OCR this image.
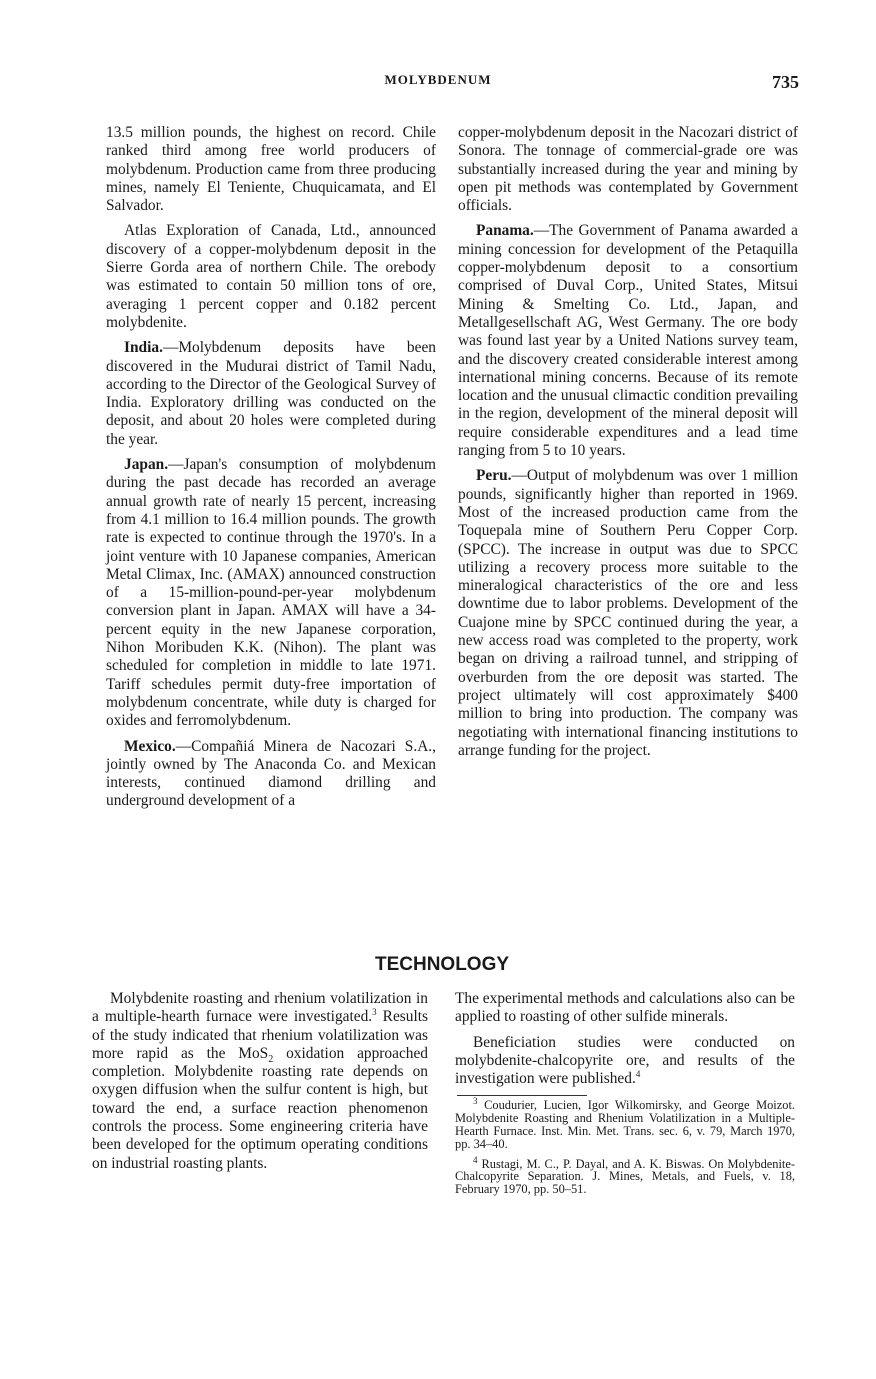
MOLYBDENUM	735

13.5 million pounds, the highest on record. Chile ranked third among free world producers of molybdenum. Production came from three producing mines, namely El Teniente, Chuquicamata, and El Salvador.

Atlas Exploration of Canada, Ltd., announced discovery of a copper-molybdenum deposit in the Sierre Gorda area of northern Chile. The orebody was estimated to contain 50 million tons of ore, averaging 1 percent copper and 0.182 percent molybdenite.

India.—Molybdenum deposits have been discovered in the Mudurai district of Tamil Nadu, according to the Director of the Geological Survey of India. Exploratory drilling was conducted on the deposit, and about 20 holes were completed during the year.

Japan.—Japan's consumption of molybdenum during the past decade has recorded an average annual growth rate of nearly 15 percent, increasing from 4.1 million to 16.4 million pounds. The growth rate is expected to continue through the 1970's. In a joint venture with 10 Japanese companies, American Metal Climax, Inc. (AMAX) announced construction of a 15-million-pound-per-year molybdenum conversion plant in Japan. AMAX will have a 34-percent equity in the new Japanese corporation, Nihon Moribuden K.K. (Nihon). The plant was scheduled for completion in middle to late 1971. Tariff schedules permit duty-free importation of molybdenum concentrate, while duty is charged for oxides and ferromolybdenum.

Mexico.—Compañiá Minera de Nacozari S.A., jointly owned by The Anaconda Co. and Mexican interests, continued diamond drilling and underground development of a

copper-molybdenum deposit in the Nacozari district of Sonora. The tonnage of commercial-grade ore was substantially increased during the year and mining by open pit methods was contemplated by Government officials.

Panama.—The Government of Panama awarded a mining concession for development of the Petaquilla copper-molybdenum deposit to a consortium comprised of Duval Corp., United States, Mitsui Mining & Smelting Co. Ltd., Japan, and Metallgesellschaft AG, West Germany. The ore body was found last year by a United Nations survey team, and the discovery created considerable interest among international mining concerns. Because of its remote location and the unusual climactic condition prevailing in the region, development of the mineral deposit will require considerable expenditures and a lead time ranging from 5 to 10 years.

Peru.—Output of molybdenum was over 1 million pounds, significantly higher than reported in 1969. Most of the increased production came from the Toquepala mine of Southern Peru Copper Corp. (SPCC). The increase in output was due to SPCC utilizing a recovery process more suitable to the mineralogical characteristics of the ore and less downtime due to labor problems. Development of the Cuajone mine by SPCC continued during the year, a new access road was completed to the property, work began on driving a railroad tunnel, and stripping of overburden from the ore deposit was started. The project ultimately will cost approximately $400 million to bring into production. The company was negotiating with international financing institutions to arrange funding for the project.

TECHNOLOGY

Molybdenite roasting and rhenium volatilization in a multiple-hearth furnace were investigated.$^3$ Results of the study indicated that rhenium volatilization was more rapid as the MoS$_2$ oxidation approached completion. Molybdenite roasting rate depends on oxygen diffusion when the sulfur content is high, but toward the end, a surface reaction phenomenon controls the process. Some engineering criteria have been developed for the optimum operating conditions on industrial roasting plants.

The experimental methods and calculations also can be applied to roasting of other sulfide minerals.

Beneficiation studies were conducted on molybdenite-chalcopyrite ore, and results of the investigation were published.$^4$

$^3$ Coudurier, Lucien, Igor Wilkomirsky, and George Moizot. Molybdenite Roasting and Rhenium Volatilization in a Multiple-Hearth Furnace. Inst. Min. Met. Trans. sec. 6, v. 79, March 1970, pp. 34–40.

$^4$ Rustagi, M. C., P. Dayal, and A. K. Biswas. On Molybdenite-Chalcopyrite Separation. J. Mines, Metals, and Fuels, v. 18, February 1970, pp. 50–51.
